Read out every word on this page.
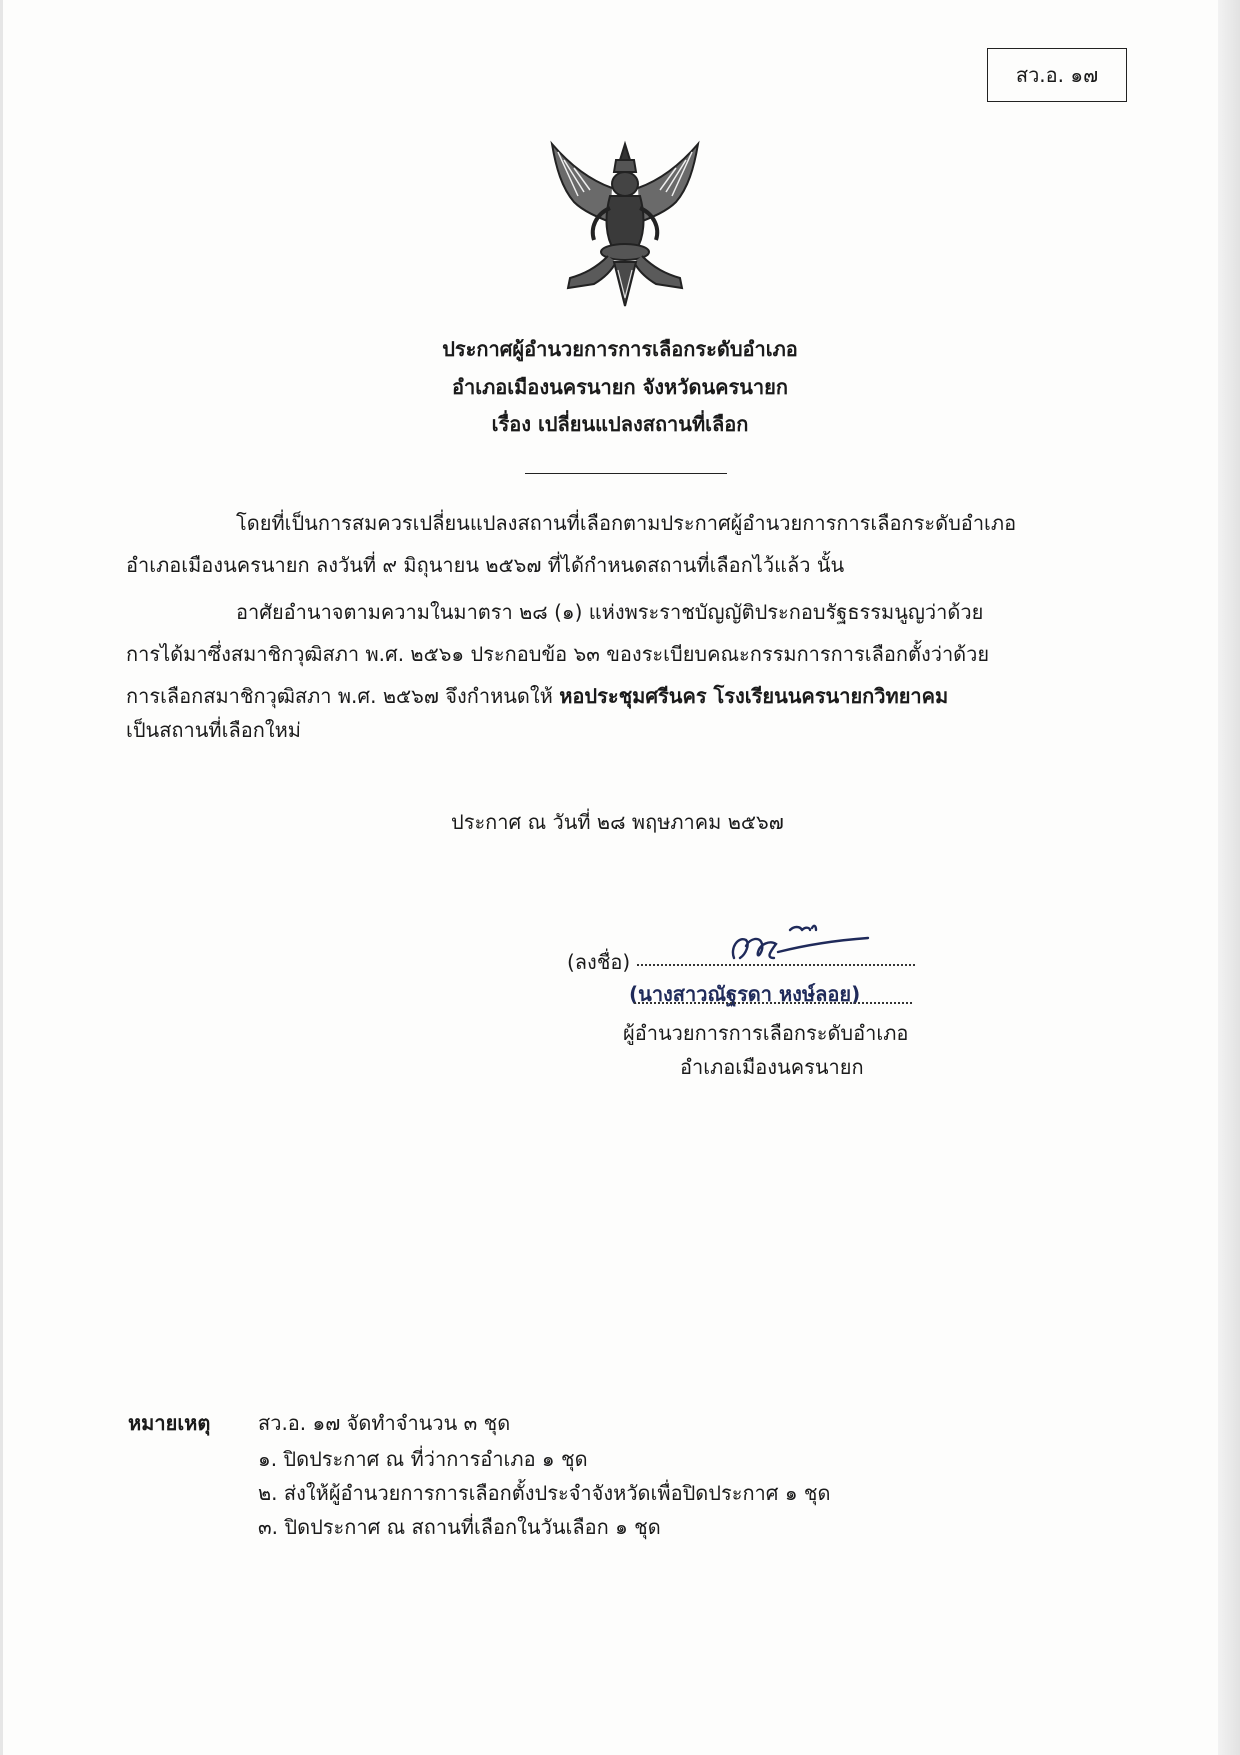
สว.อ. ๑๗
ประกาศผู้อำนวยการการเลือกระดับอำเภอ
อำเภอเมืองนครนายก จังหวัดนครนายก
เรื่อง เปลี่ยนแปลงสถานที่เลือก
โดยที่เป็นการสมควรเปลี่ยนแปลงสถานที่เลือกตามประกาศผู้อำนวยการการเลือกระดับอำเภอ
อำเภอเมืองนครนายก ลงวันที่ ๙ มิถุนายน ๒๕๖๗ ที่ได้กำหนดสถานที่เลือกไว้แล้ว นั้น
อาศัยอำนาจตามความในมาตรา ๒๘ (๑) แห่งพระราชบัญญัติประกอบรัฐธรรมนูญว่าด้วย
การได้มาซึ่งสมาชิกวุฒิสภา พ.ศ. ๒๕๖๑ ประกอบข้อ ๖๓ ของระเบียบคณะกรรมการการเลือกตั้งว่าด้วย
การเลือกสมาชิกวุฒิสภา พ.ศ. ๒๕๖๗ จึงกำหนดให้ หอประชุมศรีนคร โรงเรียนนครนายกวิทยาคม
เป็นสถานที่เลือกใหม่
ประกาศ ณ วันที่ ๒๘ พฤษภาคม ๒๕๖๗
(ลงชื่อ)
(นางสาวณัฐรดา หงษ์ลอย)
ผู้อำนวยการการเลือกระดับอำเภอ
อำเภอเมืองนครนายก
หมายเหตุ สว.อ. ๑๗ จัดทำจำนวน ๓ ชุด
๑. ปิดประกาศ ณ ที่ว่าการอำเภอ ๑ ชุด
๒. ส่งให้ผู้อำนวยการการเลือกตั้งประจำจังหวัดเพื่อปิดประกาศ ๑ ชุด
๓. ปิดประกาศ ณ สถานที่เลือกในวันเลือก ๑ ชุด
